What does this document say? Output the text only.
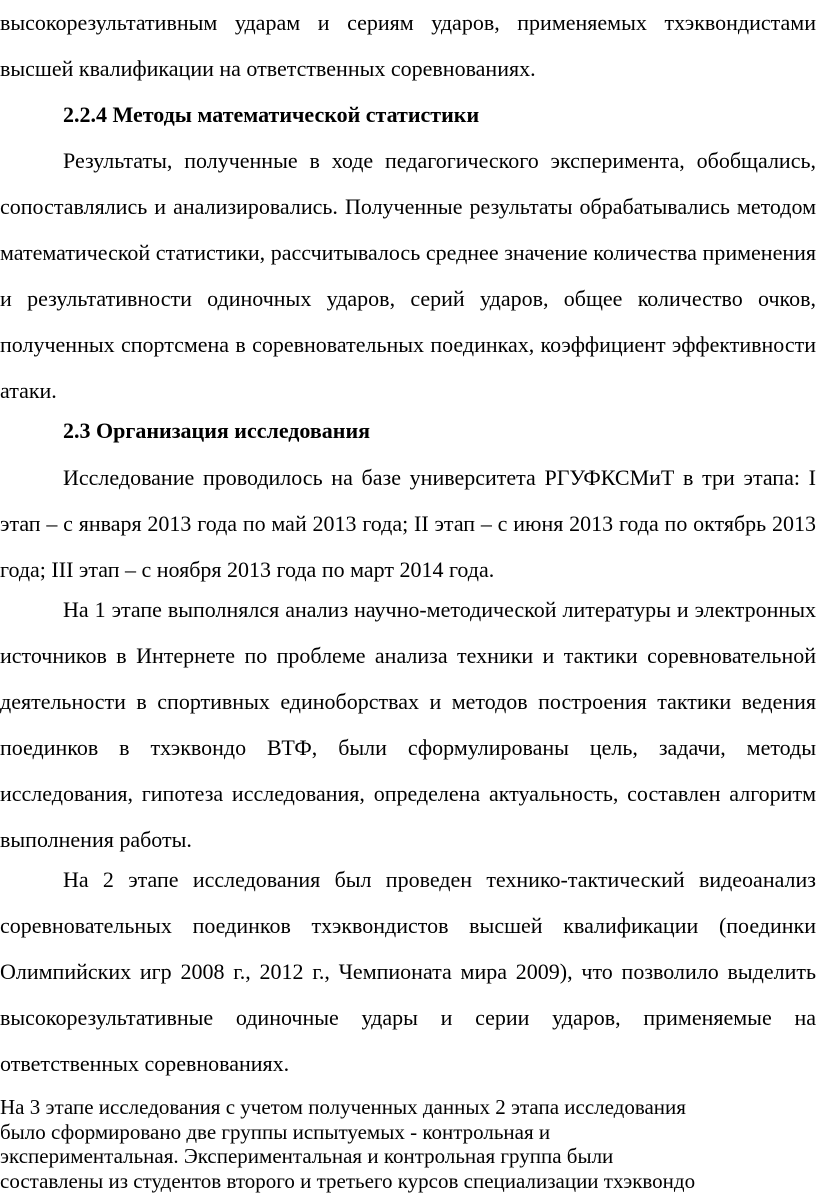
высокорезультативным ударам и сериям ударов, применяемых тхэквондистами высшей квалификации на ответственных соревнованиях.

2.2.4 Методы математической статистики

Результаты, полученные в ходе педагогического эксперимента, обобщались, сопоставлялись и анализировались. Полученные результаты обрабатывались методом математической статистики, рассчитывалось среднее значение количества применения и результативности одиночных ударов, серий ударов, общее количество очков, полученных спортсмена в соревновательных поединках, коэффициент эффективности атаки.

2.3 Организация исследования

Исследование проводилось на базе университета РГУФКСМиТ в три этапа: I этап – с января 2013 года по май 2013 года; II этап – с июня 2013 года по октябрь 2013 года; III этап – с ноября 2013 года по март 2014 года.

На 1 этапе выполнялся анализ научно-методической литературы и электронных источников в Интернете по проблеме анализа техники и тактики соревновательной деятельности в спортивных единоборствах и методов построения тактики ведения поединков в тхэквондо ВТФ, были сформулированы цель, задачи, методы исследования, гипотеза исследования, определена актуальность, составлен алгоритм выполнения работы.

На 2 этапе исследования был проведен технико-тактический видеоанализ соревновательных поединков тхэквондистов высшей квалификации (поединки Олимпийских игр 2008 г., 2012 г., Чемпионата мира 2009), что позволило выделить высокорезультативные одиночные удары и серии ударов, применяемые на ответственных соревнованиях.

На 3 этапе исследования с учетом полученных данных 2 этапа исследования
было сформировано две группы испытуемых - контрольная и
экспериментальная. Экспериментальная и контрольная группа были
составлены из студентов второго и третьего курсов специализации тхэквондо
